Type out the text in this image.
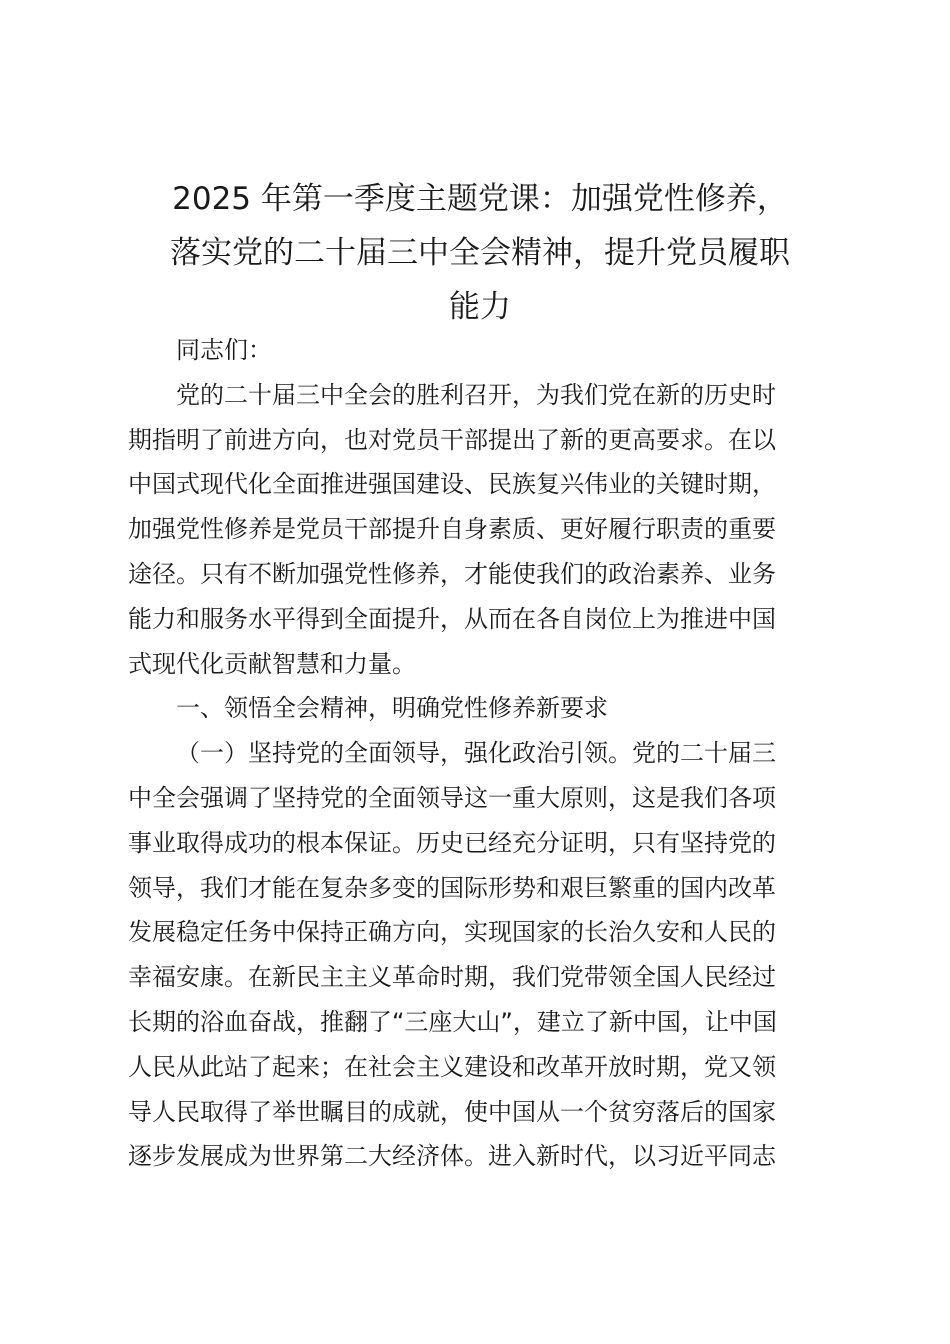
2025 年第一季度主题党课：加强党性修养，
落实党的二十届三中全会精神，提升党员履职
能力
同志们：
党的二十届三中全会的胜利召开，为我们党在新的历史时
期指明了前进方向，也对党员干部提出了新的更高要求。在以
中国式现代化全面推进强国建设、民族复兴伟业的关键时期，
加强党性修养是党员干部提升自身素质、更好履行职责的重要
途径。只有不断加强党性修养，才能使我们的政治素养、业务
能力和服务水平得到全面提升，从而在各自岗位上为推进中国
式现代化贡献智慧和力量。
一、领悟全会精神，明确党性修养新要求
（一）坚持党的全面领导，强化政治引领。党的二十届三
中全会强调了坚持党的全面领导这一重大原则，这是我们各项
事业取得成功的根本保证。历史已经充分证明，只有坚持党的
领导，我们才能在复杂多变的国际形势和艰巨繁重的国内改革
发展稳定任务中保持正确方向，实现国家的长治久安和人民的
幸福安康。在新民主主义革命时期，我们党带领全国人民经过
长期的浴血奋战，推翻了“三座大山”，建立了新中国，让中国
人民从此站了起来；在社会主义建设和改革开放时期，党又领
导人民取得了举世瞩目的成就，使中国从一个贫穷落后的国家
逐步发展成为世界第二大经济体。进入新时代，以习近平同志
